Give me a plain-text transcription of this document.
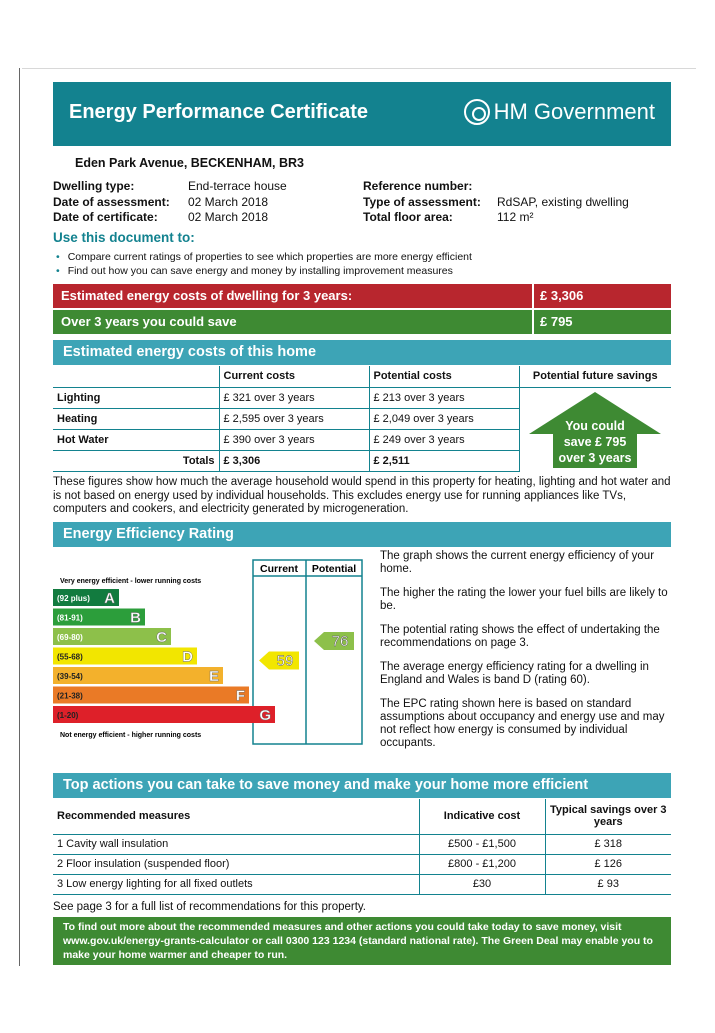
Energy Performance Certificate	HM Government
Eden Park Avenue, BECKENHAM, BR3
Dwelling type:	End-terrace house
Date of assessment: 02 March 2018
Date of certificate:	02 March 2018
Reference number:
Type of assessment: RdSAP, existing dwelling
Total floor area:	112 m²
Use this document to:
• Compare current ratings of properties to see which properties are more energy efficient
• Find out how you can save energy and money by installing improvement measures
Estimated energy costs of dwelling for 3 years:	£ 3,306
Over 3 years you could save	£ 795
Estimated energy costs of this home
	Current costs	Potential costs	Potential future savings
Lighting	£ 321 over 3 years	£ 213 over 3 years	
Heating	£ 2,595 over 3 years	£ 2,049 over 3 years	
Hot Water	£ 390 over 3 years	£ 249 over 3 years	
Totals	£ 3,306	£ 2,511	
You could
save £ 795
over 3 years
These figures show how much the average household would spend in this property for heating, lighting and hot water and is not based on energy used by individual households. This excludes energy use for running appliances like TVs, computers and cookers, and electricity generated by microgeneration.
Energy Efficiency Rating
Current Potential
Very energy efficient - lower running costs
Not energy efficient - higher running costs
(92 plus) A
(81-91)	B
(69-80)	C
(55-68)	D
(39-54)	E
(21-38)	F
(1-20)	G
59
76

The graph shows the current energy efficiency of your home.

The higher the rating the lower your fuel bills are likely to be.

The potential rating shows the effect of undertaking the recommendations on page 3.

The average energy efficiency rating for a dwelling in England and Wales is band D (rating 60).

The EPC rating shown here is based on standard assumptions about occupancy and energy use and may not reflect how energy is consumed by individual occupants.

Top actions you can take to save money and make your home more efficient
Recommended measures	Indicative cost	Typical savings over 3 years
1 Cavity wall insulation	£500 - £1,500	£ 318
2 Floor insulation (suspended floor)	£800 - £1,200	£ 126
3 Low energy lighting for all fixed outlets	£30	£ 93
See page 3 for a full list of recommendations for this property.
To find out more about the recommended measures and other actions you could take today to save money, visit www.gov.uk/energy-grants-calculator or call 0300 123 1234 (standard national rate). The Green Deal may enable you to make your home warmer and cheaper to run.
